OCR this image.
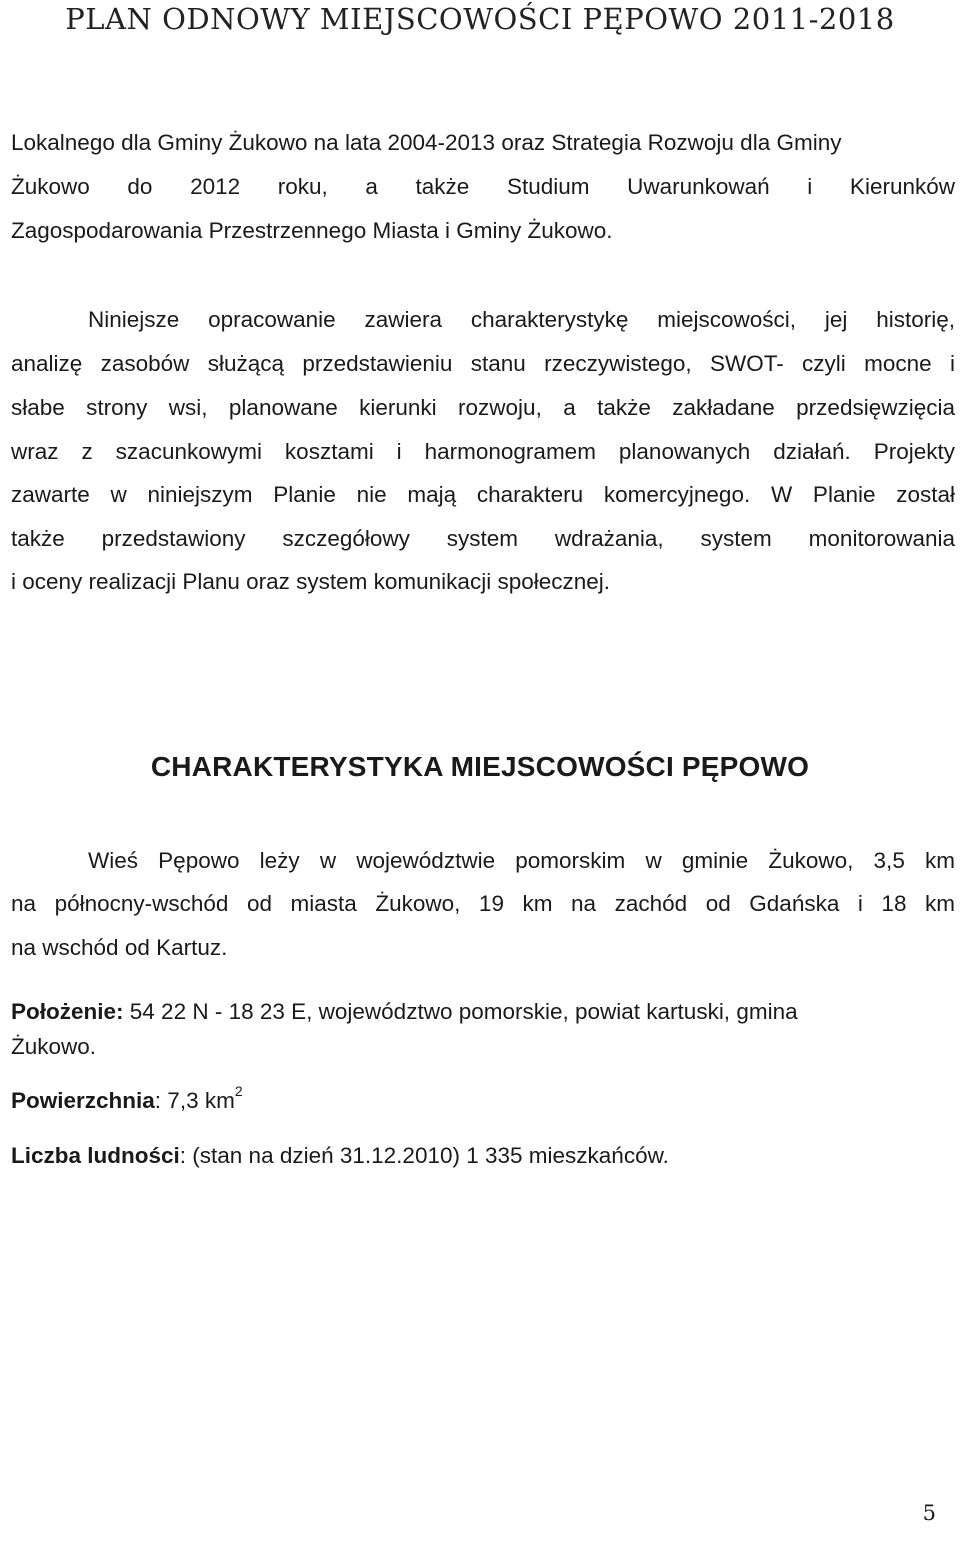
PLAN ODNOWY MIEJSCOWOŚCI PĘPOWO 2011-2018
Lokalnego dla Gminy Żukowo na lata 2004-2013 oraz Strategia Rozwoju dla Gminy
Żukowo do 2012 roku, a także Studium Uwarunkowań i Kierunków
Zagospodarowania Przestrzennego Miasta i Gminy Żukowo.
Niniejsze opracowanie zawiera charakterystykę miejscowości, jej historię,
analizę zasobów służącą przedstawieniu stanu rzeczywistego, SWOT- czyli mocne i
słabe strony wsi, planowane kierunki rozwoju, a także zakładane przedsięwzięcia
wraz z szacunkowymi kosztami i harmonogramem planowanych działań. Projekty
zawarte w niniejszym Planie nie mają charakteru komercyjnego. W Planie został
także przedstawiony szczegółowy system wdrażania, system monitorowania
i oceny realizacji Planu oraz system komunikacji społecznej.
CHARAKTERYSTYKA MIEJSCOWOŚCI PĘPOWO
Wieś Pępowo leży w województwie pomorskim w gminie Żukowo, 3,5 km
na północny-wschód od miasta Żukowo, 19 km na zachód od Gdańska i 18 km
na wschód od Kartuz.
Położenie: 54 22 N - 18 23 E, województwo pomorskie, powiat kartuski, gmina
Żukowo.
Powierzchnia: 7,3 $km^2$
Liczba ludności: (stan na dzień 31.12.2010) 1 335 mieszkańców.
5
